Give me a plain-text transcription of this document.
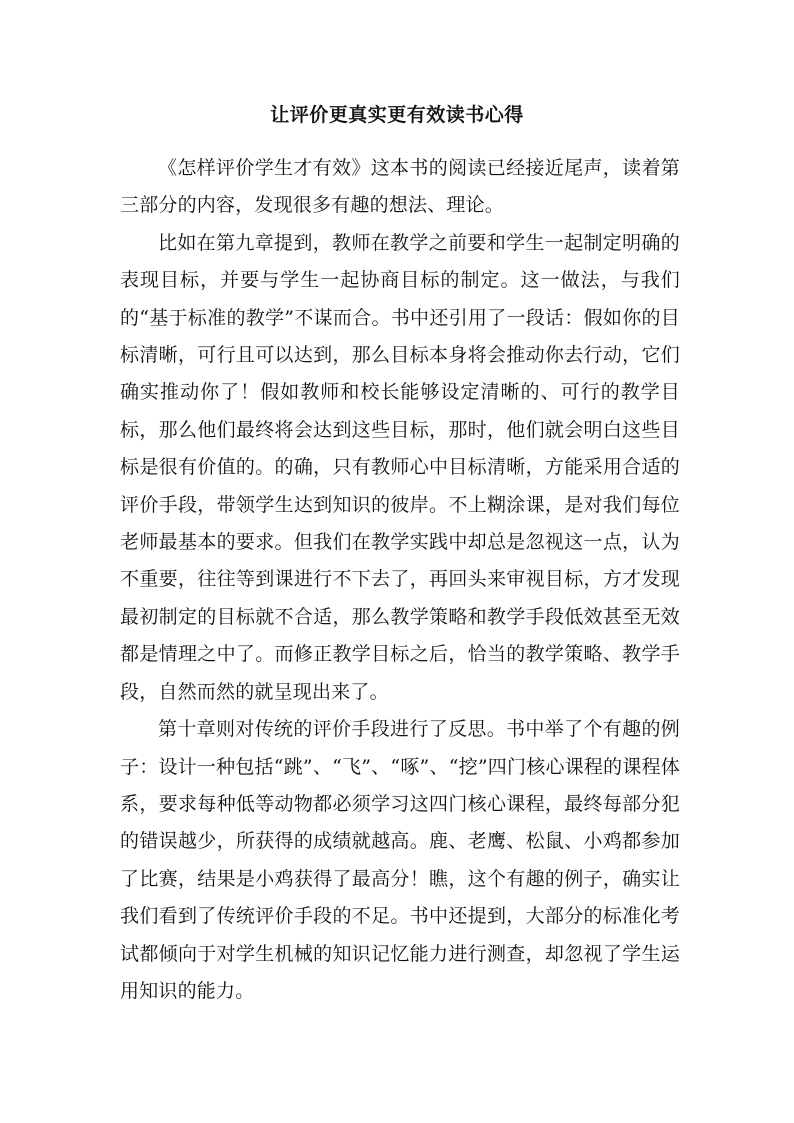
让评价更真实更有效读书心得

《怎样评价学生才有效》这本书的阅读已经接近尾声，读着第三部分的内容，发现很多有趣的想法、理论。

比如在第九章提到，教师在教学之前要和学生一起制定明确的表现目标，并要与学生一起协商目标的制定。这一做法，与我们的“基于标准的教学”不谋而合。书中还引用了一段话：假如你的目标清晰，可行且可以达到，那么目标本身将会推动你去行动，它们确实推动你了！假如教师和校长能够设定清晰的、可行的教学目标，那么他们最终将会达到这些目标，那时，他们就会明白这些目标是很有价值的。的确，只有教师心中目标清晰，方能采用合适的评价手段，带领学生达到知识的彼岸。不上糊涂课，是对我们每位老师最基本的要求。但我们在教学实践中却总是忽视这一点，认为不重要，往往等到课进行不下去了，再回头来审视目标，方才发现最初制定的目标就不合适，那么教学策略和教学手段低效甚至无效都是情理之中了。而修正教学目标之后，恰当的教学策略、教学手段，自然而然的就呈现出来了。

第十章则对传统的评价手段进行了反思。书中举了个有趣的例子：设计一种包括“跳”、“飞”、“啄”、“挖”四门核心课程的课程体系，要求每种低等动物都必须学习这四门核心课程，最终每部分犯的错误越少，所获得的成绩就越高。鹿、老鹰、松鼠、小鸡都参加了比赛，结果是小鸡获得了最高分！瞧，这个有趣的例子，确实让我们看到了传统评价手段的不足。书中还提到，大部分的标准化考试都倾向于对学生机械的知识记忆能力进行测查，却忽视了学生运用知识的能力。
